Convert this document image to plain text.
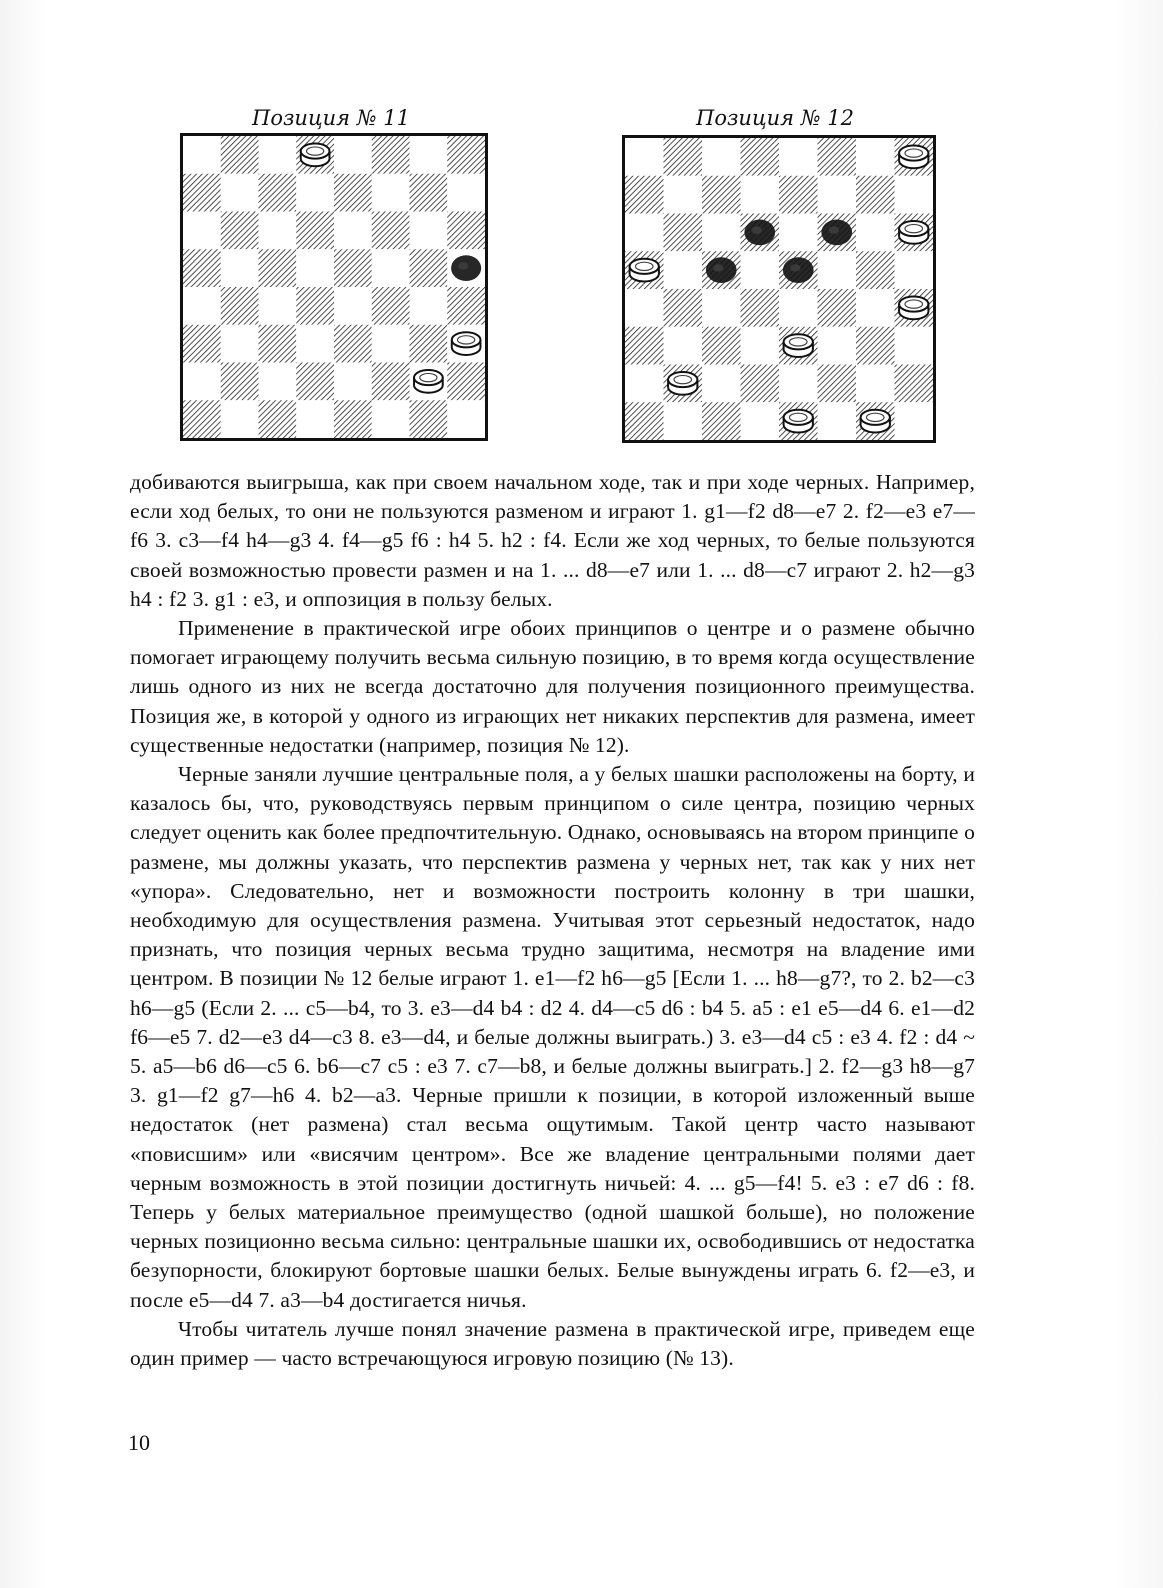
Позиция № 11	Позиция № 12

добиваются выигрыша, как при своем начальном ходе, так и при ходе черных. Например, если ход белых, то они не пользуются разменом и играют 1. g1—f2 d8—e7 2. f2—e3 e7—f6 3. c3—f4 h4—g3 4. f4—g5 f6 : h4 5. h2 : f4. Если же ход черных, то белые пользуются своей возможностью провести размен и на 1. ... d8—e7 или 1. ... d8—c7 играют 2. h2—g3 h4 : f2 3. g1 : e3, и оппозиция в пользу белых.

Применение в практической игре обоих принципов о центре и о размене обычно помогает играющему получить весьма сильную позицию, в то время когда осуществление лишь одного из них не всегда достаточно для получения позиционного преимущества. Позиция же, в которой у одного из играющих нет никаких перспектив для размена, имеет существенные недостатки (например, позиция № 12).

Черные заняли лучшие центральные поля, а у белых шашки расположены на борту, и казалось бы, что, руководствуясь первым принципом о силе центра, позицию черных следует оценить как более предпочтительную. Однако, основываясь на втором принципе о размене, мы должны указать, что перспектив размена у черных нет, так как у них нет «упора». Следовательно, нет и возможности построить колонну в три шашки, необходимую для осуществления размена. Учитывая этот серьезный недостаток, надо признать, что позиция черных весьма трудно защитима, несмотря на владение ими центром. В позиции № 12 белые играют 1. e1—f2 h6—g5 [Если 1. ... h8—g7?, то 2. b2—c3 h6—g5 (Если 2. ... c5—b4, то 3. e3—d4 b4 : d2 4. d4—c5 d6 : b4 5. a5 : e1 e5—d4 6. e1—d2 f6—e5 7. d2—e3 d4—c3 8. e3—d4, и белые должны выиграть.) 3. e3—d4 c5 : e3 4. f2 : d4 ~ 5. a5—b6 d6—c5 6. b6—c7 c5 : e3 7. c7—b8, и белые должны выиграть.] 2. f2—g3 h8—g7 3. g1—f2 g7—h6 4. b2—a3. Черные пришли к позиции, в которой изложенный выше недостаток (нет размена) стал весьма ощутимым. Такой центр часто называют «повисшим» или «висячим центром». Все же владение центральными полями дает черным возможность в этой позиции достигнуть ничьей: 4. ... g5—f4! 5. e3 : e7 d6 : f8. Теперь у белых материальное преимущество (одной шашкой больше), но положение черных позиционно весьма сильно: центральные шашки их, освободившись от недостатка безупорности, блокируют бортовые шашки белых. Белые вынуждены играть 6. f2—e3, и после e5—d4 7. a3—b4 достигается ничья.

Чтобы читатель лучше понял значение размена в практической игре, приведем еще один пример — часто встречающуюся игровую позицию (№ 13).

10
